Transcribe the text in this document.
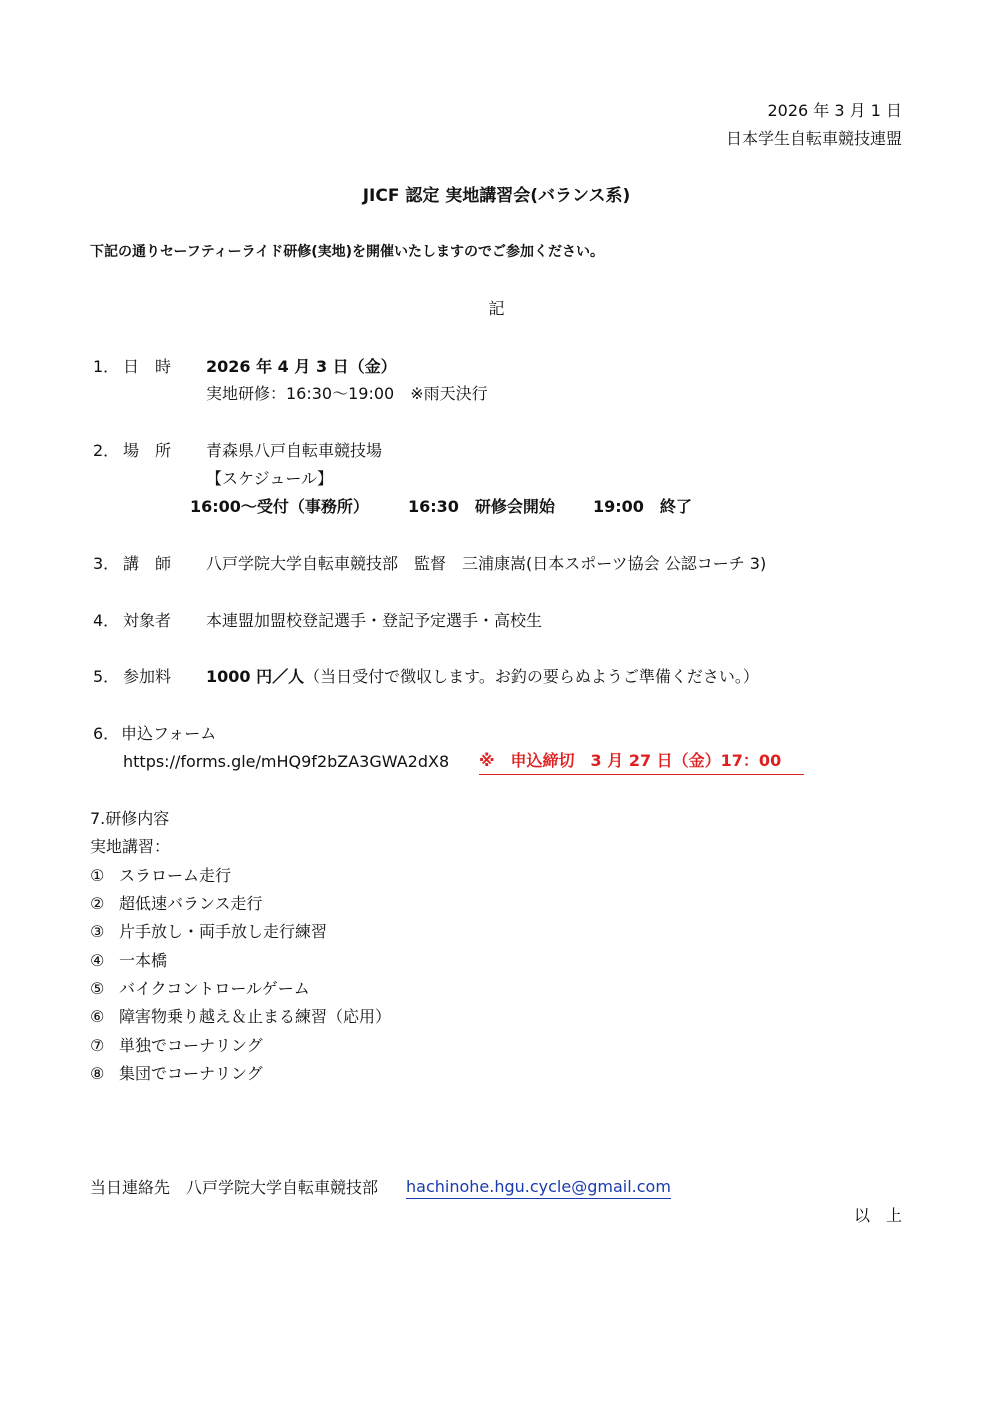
2026 年 3 月 1 日
日本学生自転車競技連盟
JICF 認定 実地講習会(バランス系)
下記の通りセーフティーライド研修(実地)を開催いたしますのでご参加ください。
記
1． 日　時 2026 年 4 月 3 日（金）
実地研修：16:30〜19:00　※雨天決行
2． 場　所 青森県八戸自転車競技場
【スケジュール】
16:00〜受付（事務所） 16:30　研修会開始 19:00　終了
3． 講　師 八戸学院大学自転車競技部　監督　三浦康嵩(日本スポーツ協会 公認コーチ 3)
4． 対象者 本連盟加盟校登記選手・登記予定選手・高校生
5． 参加料 1000 円／人（当日受付で徴収します。お釣の要らぬようご準備ください。）
6． 申込フォーム
https://forms.gle/mHQ9f2bZA3GWA2dX8 ※　申込締切　3 月 27 日（金）17：00
7.研修内容
実地講習：
① スラローム走行
② 超低速バランス走行
③ 片手放し・両手放し走行練習
④ 一本橋
⑤ バイクコントロールゲーム
⑥ 障害物乗り越え＆止まる練習（応用）
⑦ 単独でコーナリング
⑧ 集団でコーナリング
当日連絡先　八戸学院大学自転車競技部 hachinohe.hgu.cycle@gmail.com
以　上
